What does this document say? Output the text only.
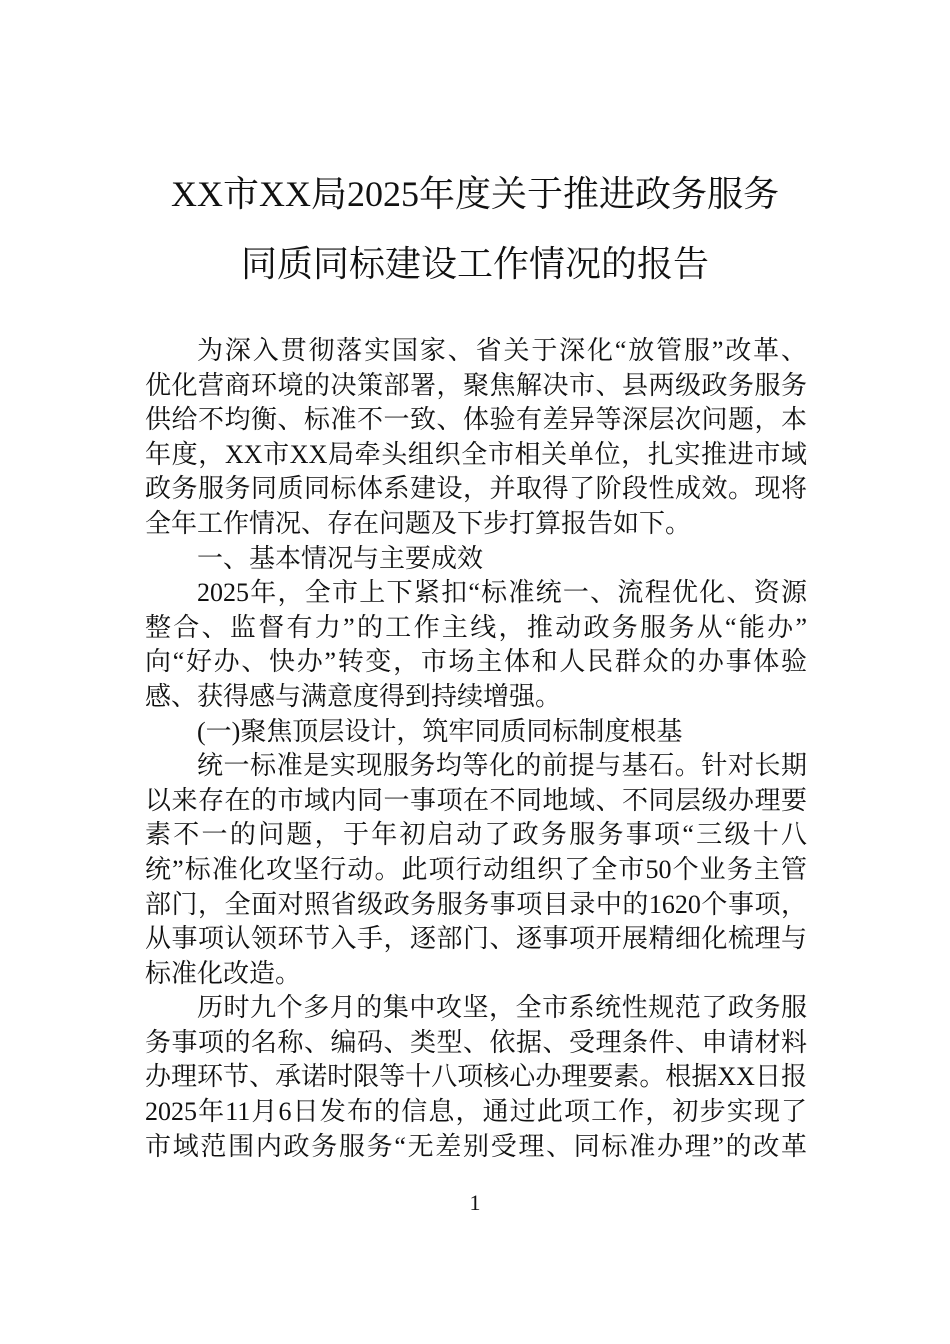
XX市XX局2025年度关于推进政务服务
同质同标建设工作情况的报告
为深入贯彻落实国家、省关于深化“放管服”改革、
优化营商环境的决策部署，聚焦解决市、县两级政务服务
供给不均衡、标准不一致、体验有差异等深层次问题，本
年度，XX市XX局牵头组织全市相关单位，扎实推进市域
政务服务同质同标体系建设，并取得了阶段性成效。现将
全年工作情况、存在问题及下步打算报告如下。
一、基本情况与主要成效
2025年，全市上下紧扣“标准统一、流程优化、资源
整合、监督有力”的工作主线，推动政务服务从“能办”
向“好办、快办”转变，市场主体和人民群众的办事体验
感、获得感与满意度得到持续增强。
(一)聚焦顶层设计，筑牢同质同标制度根基
统一标准是实现服务均等化的前提与基石。针对长期
以来存在的市域内同一事项在不同地域、不同层级办理要
素不一的问题，于年初启动了政务服务事项“三级十八
统”标准化攻坚行动。此项行动组织了全市50个业务主管
部门，全面对照省级政务服务事项目录中的1620个事项，
从事项认领环节入手，逐部门、逐事项开展精细化梳理与
标准化改造。
历时九个多月的集中攻坚，全市系统性规范了政务服
务事项的名称、编码、类型、依据、受理条件、申请材料
办理环节、承诺时限等十八项核心办理要素。根据XX日报
2025年11月6日发布的信息，通过此项工作，初步实现了
市域范围内政务服务“无差别受理、同标准办理”的改革
1
